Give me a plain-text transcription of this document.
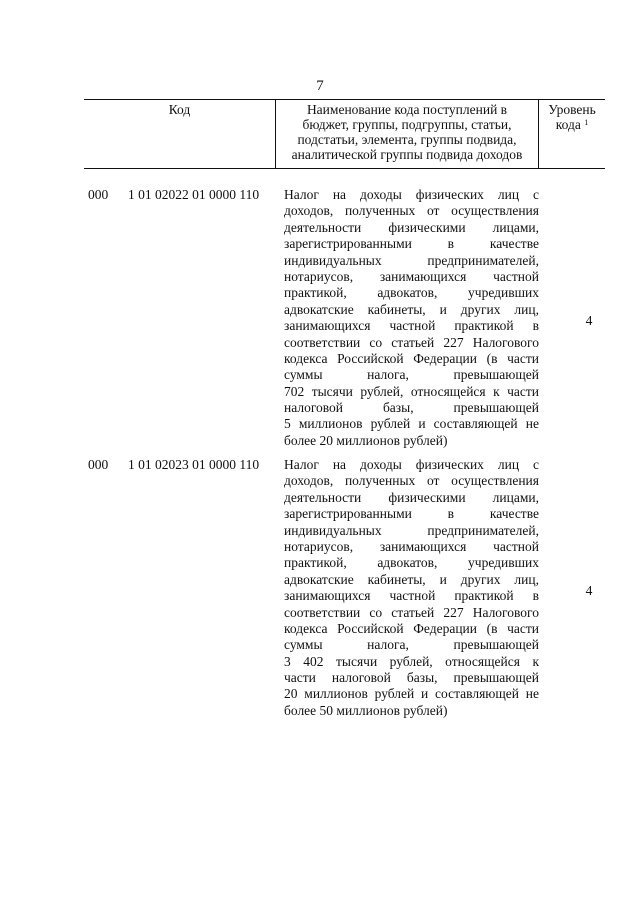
7
Код	Наименование кода поступлений в
бюджет, группы, подгруппы, статьи,
подстатьи, элемента, группы подвида,
аналитической группы подвида доходов
Уровень
кода $^1$
000 1 01 02022 01 0000 110 Налог на доходы физических лиц с
доходов, полученных от осуществления
деятельности физическими лицами,
зарегистрированными в качестве
индивидуальных предпринимателей,
нотариусов, занимающихся частной
практикой, адвокатов, учредивших
адвокатские кабинеты, и других лиц,
занимающихся частной практикой в
соответствии со статьей 227 Налогового
кодекса Российской Федерации (в части
суммы налога, превышающей
702 тысячи рублей, относящейся к части
налоговой базы, превышающей
5 миллионов рублей и составляющей не
более 20 миллионов рублей)
4
000 1 01 02023 01 0000 110 Налог на доходы физических лиц с
доходов, полученных от осуществления
деятельности физическими лицами,
зарегистрированными в качестве
индивидуальных предпринимателей,
нотариусов, занимающихся частной
практикой, адвокатов, учредивших
адвокатские кабинеты, и других лиц,
занимающихся частной практикой в
соответствии со статьей 227 Налогового
кодекса Российской Федерации (в части
суммы налога, превышающей
3 402 тысячи рублей, относящейся к
части налоговой базы, превышающей
20 миллионов рублей и составляющей не
более 50 миллионов рублей)
4
